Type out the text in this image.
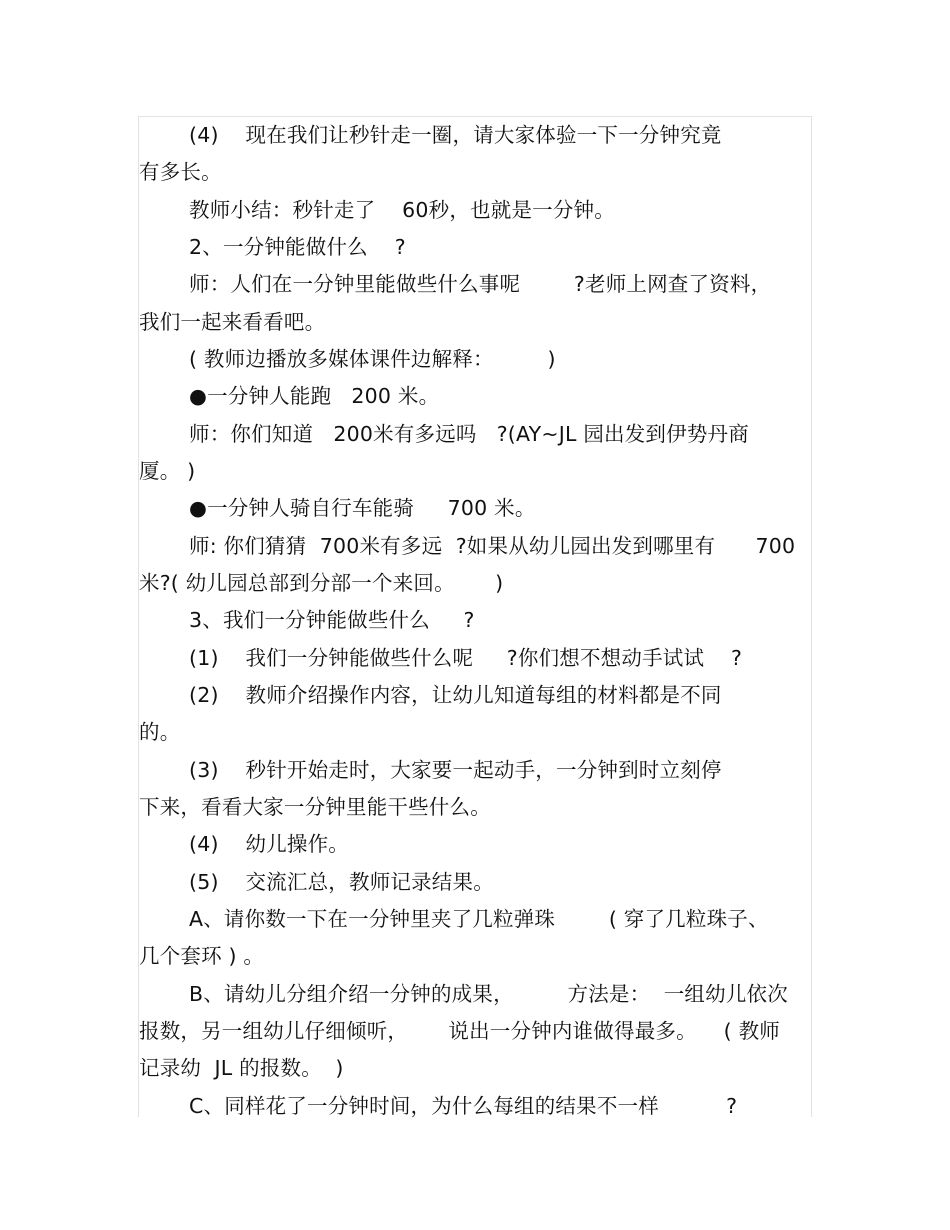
(4)    现在我们让秒针走一圈，请大家体验一下一分钟究竟
有多长。
教师小结：秒针走了    60秒，也就是一分钟。
2、一分钟能做什么    ?
师：人们在一分钟里能做些什么事呢        ?老师上网查了资料，
我们一起来看看吧。
( 教师边播放多媒体课件边解释：        )
●一分钟人能跑   200 米。
师：你们知道   200米有多远吗   ?(AY~JL 园出发到伊势丹商
厦。 )
●一分钟人骑自行车能骑     700 米。
师: 你们猜猜  700米有多远  ?如果从幼儿园出发到哪里有      700
米?( 幼儿园总部到分部一个来回。      )
3、我们一分钟能做些什么     ?
(1)    我们一分钟能做些什么呢     ?你们想不想动手试试    ?
(2)    教师介绍操作内容，让幼儿知道每组的材料都是不同
的。
(3)    秒针开始走时，大家要一起动手，一分钟到时立刻停
下来，看看大家一分钟里能干些什么。
(4)    幼儿操作。
(5)    交流汇总，教师记录结果。
A、请你数一下在一分钟里夹了几粒弹珠        ( 穿了几粒珠子、
几个套环 ) 。
B、请幼儿分组介绍一分钟的成果，        方法是：  一组幼儿依次
报数，另一组幼儿仔细倾听，      说出一分钟内谁做得最多。    ( 教师
记录幼  JL 的报数。  )
C、同样花了一分钟时间，为什么每组的结果不一样          ?
